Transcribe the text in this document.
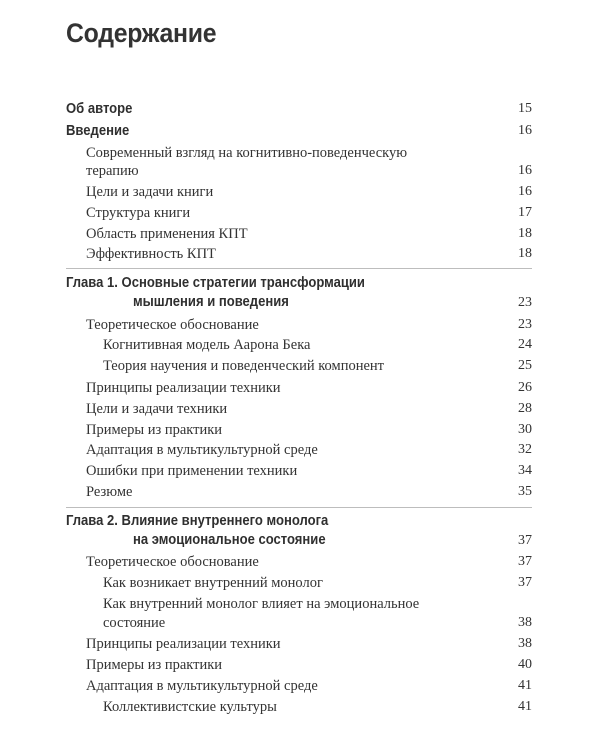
Содержание
Об авторе	15
Введение	16
Современный взгляд на когнитивно-поведенческую
терапию	16
Цели и задачи книги	16
Структура книги	17
Область применения КПТ	18
Эффективность КПТ	18
Глава 1. Основные стратегии трансформации
мышления и поведения	23
Теоретическое обоснование	23
Когнитивная модель Аарона Бека	24
Теория научения и поведенческий компонент	25
Принципы реализации техники	26
Цели и задачи техники	28
Примеры из практики	30
Адаптация в мультикультурной среде	32
Ошибки при применении техники	34
Резюме	35
Глава 2. Влияние внутреннего монолога
на эмоциональное состояние	37
Теоретическое обоснование	37
Как возникает внутренний монолог	37
Как внутренний монолог влияет на эмоциональное
состояние	38
Принципы реализации техники	38
Примеры из практики	40
Адаптация в мультикультурной среде	41
Коллективистские культуры	41
